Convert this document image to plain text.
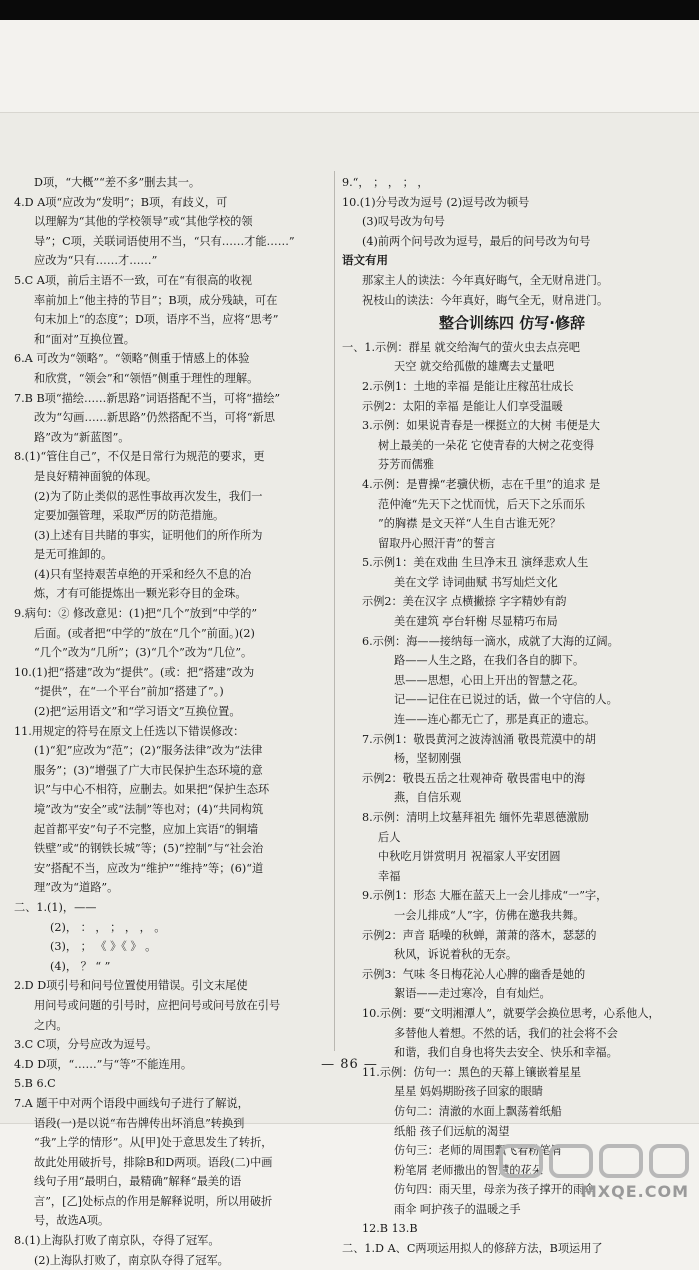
D项，“大概”“差不多”删去其一。
4.D A项“应改为“发明”；B项，有歧义，可
以理解为“其他的学校领导”或“其他学校的领
导”；C项，关联词语使用不当，“只有……才能……”
应改为“只有……才……”
5.C A项，前后主语不一致，可在“有很高的收视
率前加上“他主持的节目”；B项，成分残缺，可在
句末加上“的态度”；D项，语序不当，应将“思考”
和“面对”互换位置。
6.A 可改为“领略”。“领略”侧重于情感上的体验
和欣赏，“领会”和“领悟”侧重于理性的理解。
7.B B项“描绘……新思路”词语搭配不当，可将“描绘”
改为“勾画……新思路”仍然搭配不当，可将“新思
路”改为“新蓝图”。
8.(1)“管住自己”，不仅是日常行为规范的要求，更
是良好精神面貌的体现。
(2)为了防止类似的恶性事故再次发生，我们一
定要加强管理，采取严厉的防范措施。
(3)上述有目共睹的事实，证明他们的所作所为
是无可推卸的。
(4)只有坚持艰苦卓绝的开采和经久不息的冶
炼，才有可能提炼出一颗光彩夺目的金珠。
9.病句：② 修改意见：(1)把“几个”放到“中学的”
后面。(或者把“中学的”放在“几个”前面。)(2)
“几个”改为“几所”；(3)“几个”改为“几位”。
10.(1)把“搭建”改为“提供”。(或：把“搭建”改为
“提供”，在“一个平台”前加“搭建了”。)
(2)把“运用语文”和“学习语文”互换位置。
11.用规定的符号在原文上任选以下错误修改：
(1)“犯”应改为“范”；(2)“服务法律”改为“法律
服务”；(3)“增强了广大市民保护生态环境的意
识”与中心不相符，应删去。如果把“保护生态环
境”改为“安全”或“法制”等也对；(4)“共同构筑
起首都平安”句子不完整，应加上宾语“的铜墙
铁壁”或“的钢铁长城”等；(5)“控制”与“社会治
安”搭配不当，应改为“维护”“维持”等；(6)“道
理”改为“道路”。
二、1.(1)，——
(2)， ： ， ； ， ， 。
(3)， ； 《 》《 》 。
(4)， ？ “ ”
2.D D项引号和问号位置使用错误。引文末尾使
用问号或问题的引号时，应把问号或问号放在引号
之内。
3.C C项，分号应改为逗号。
4.D D项，“……”与“等”不能连用。
5.B 6.C
7.A 题干中对两个语段中画线句子进行了解说，
语段(一)是以说“布告牌传出坏消息”转换到
“我”上学的情形”。从[甲]处于意思发生了转折，
故此处用破折号，排除B和D两项。语段(二)中画
线句子用“最明白，最精确”解释“最美的语
言”，[乙]处标点的作用是解释说明，所以用破折
号，故选A项。
8.(1)上海队打败了南京队，夺得了冠军。
(2)上海队打败了，南京队夺得了冠军。
9.“， ； ， ； ，
10.(1)分号改为逗号 (2)逗号改为顿号
(3)叹号改为句号
(4)前两个问号改为逗号，最后的问号改为句号
语文有用
那家主人的读法：今年真好晦气，全无财帛进门。
祝枝山的读法：今年真好，晦气全无，财帛进门。
整合训练四 仿写·修辞
一、1.示例：群星 就交给淘气的萤火虫去点亮吧
天空 就交给孤傲的雄鹰去丈量吧
2.示例1：土地的幸福 是能让庄稼茁壮成长
示例2：太阳的幸福 是能让人们享受温暖
3.示例：如果说青春是一棵挺立的大树 韦便是大
树上最美的一朵花 它使青春的大树之花变得
芬芳而儒雅
4.示例：是曹操“老骥伏枥，志在千里”的追求 是
范仲淹“先天下之忧而忧，后天下之乐而乐
”的胸襟 是文天祥“人生自古谁无死？
留取丹心照汗青”的誓言
5.示例1：美在戏曲 生旦净末丑 演绎悲欢人生
美在文学 诗词曲赋 书写灿烂文化
示例2：美在汉字 点横撇捺 字字精妙有韵
美在建筑 亭台轩榭 尽显精巧布局
6.示例：海——接纳每一滴水，成就了大海的辽阔。
路——人生之路，在我们各自的脚下。
思——思想，心田上开出的智慧之花。
记——记住在已说过的话，做一个守信的人。
连——连心都无亡了，那是真正的遗忘。
7.示例1：敬畏黄河之波涛汹涌 敬畏荒漠中的胡
杨，坚韧刚强
示例2：敬畏五岳之壮观神奇 敬畏雷电中的海
燕，自信乐观
8.示例：清明上坟墓拜祖先 缅怀先辈恩德激励
后人
中秋吃月饼赏明月 祝福家人平安团圆
幸福
9.示例1：形态 大雁在蓝天上一会儿排成“一”字，
一会儿排成“人”字，仿佛在邀我共舞。
示例2：声音 聒噪的秋蝉，萧萧的落木，瑟瑟的
秋风，诉说着秋的无奈。
示例3：气味 冬日梅花沁人心脾的幽香是她的
絮语——走过寒冷，自有灿烂。
10.示例：要“文明湘潭人”，就要学会换位思考，心系他人，
多替他人着想。不然的话，我们的社会将不会
和谐，我们自身也将失去安全、快乐和幸福。
11.示例：仿句一：黑色的天幕上镶嵌着星星
星星 妈妈期盼孩子回家的眼睛
仿句二：清澈的水面上飘荡着纸船
纸船 孩子们远航的渴望
仿句三：老师的周围飘飞着粉笔屑
粉笔屑 老师撒出的智慧的花朵
仿句四：雨天里，母亲为孩子撑开的雨伞
雨伞 呵护孩子的温暖之手
12.B 13.B
二、1.D A、C两项运用拟人的修辞方法，B项运用了
— 86 —
MXQE.COM
